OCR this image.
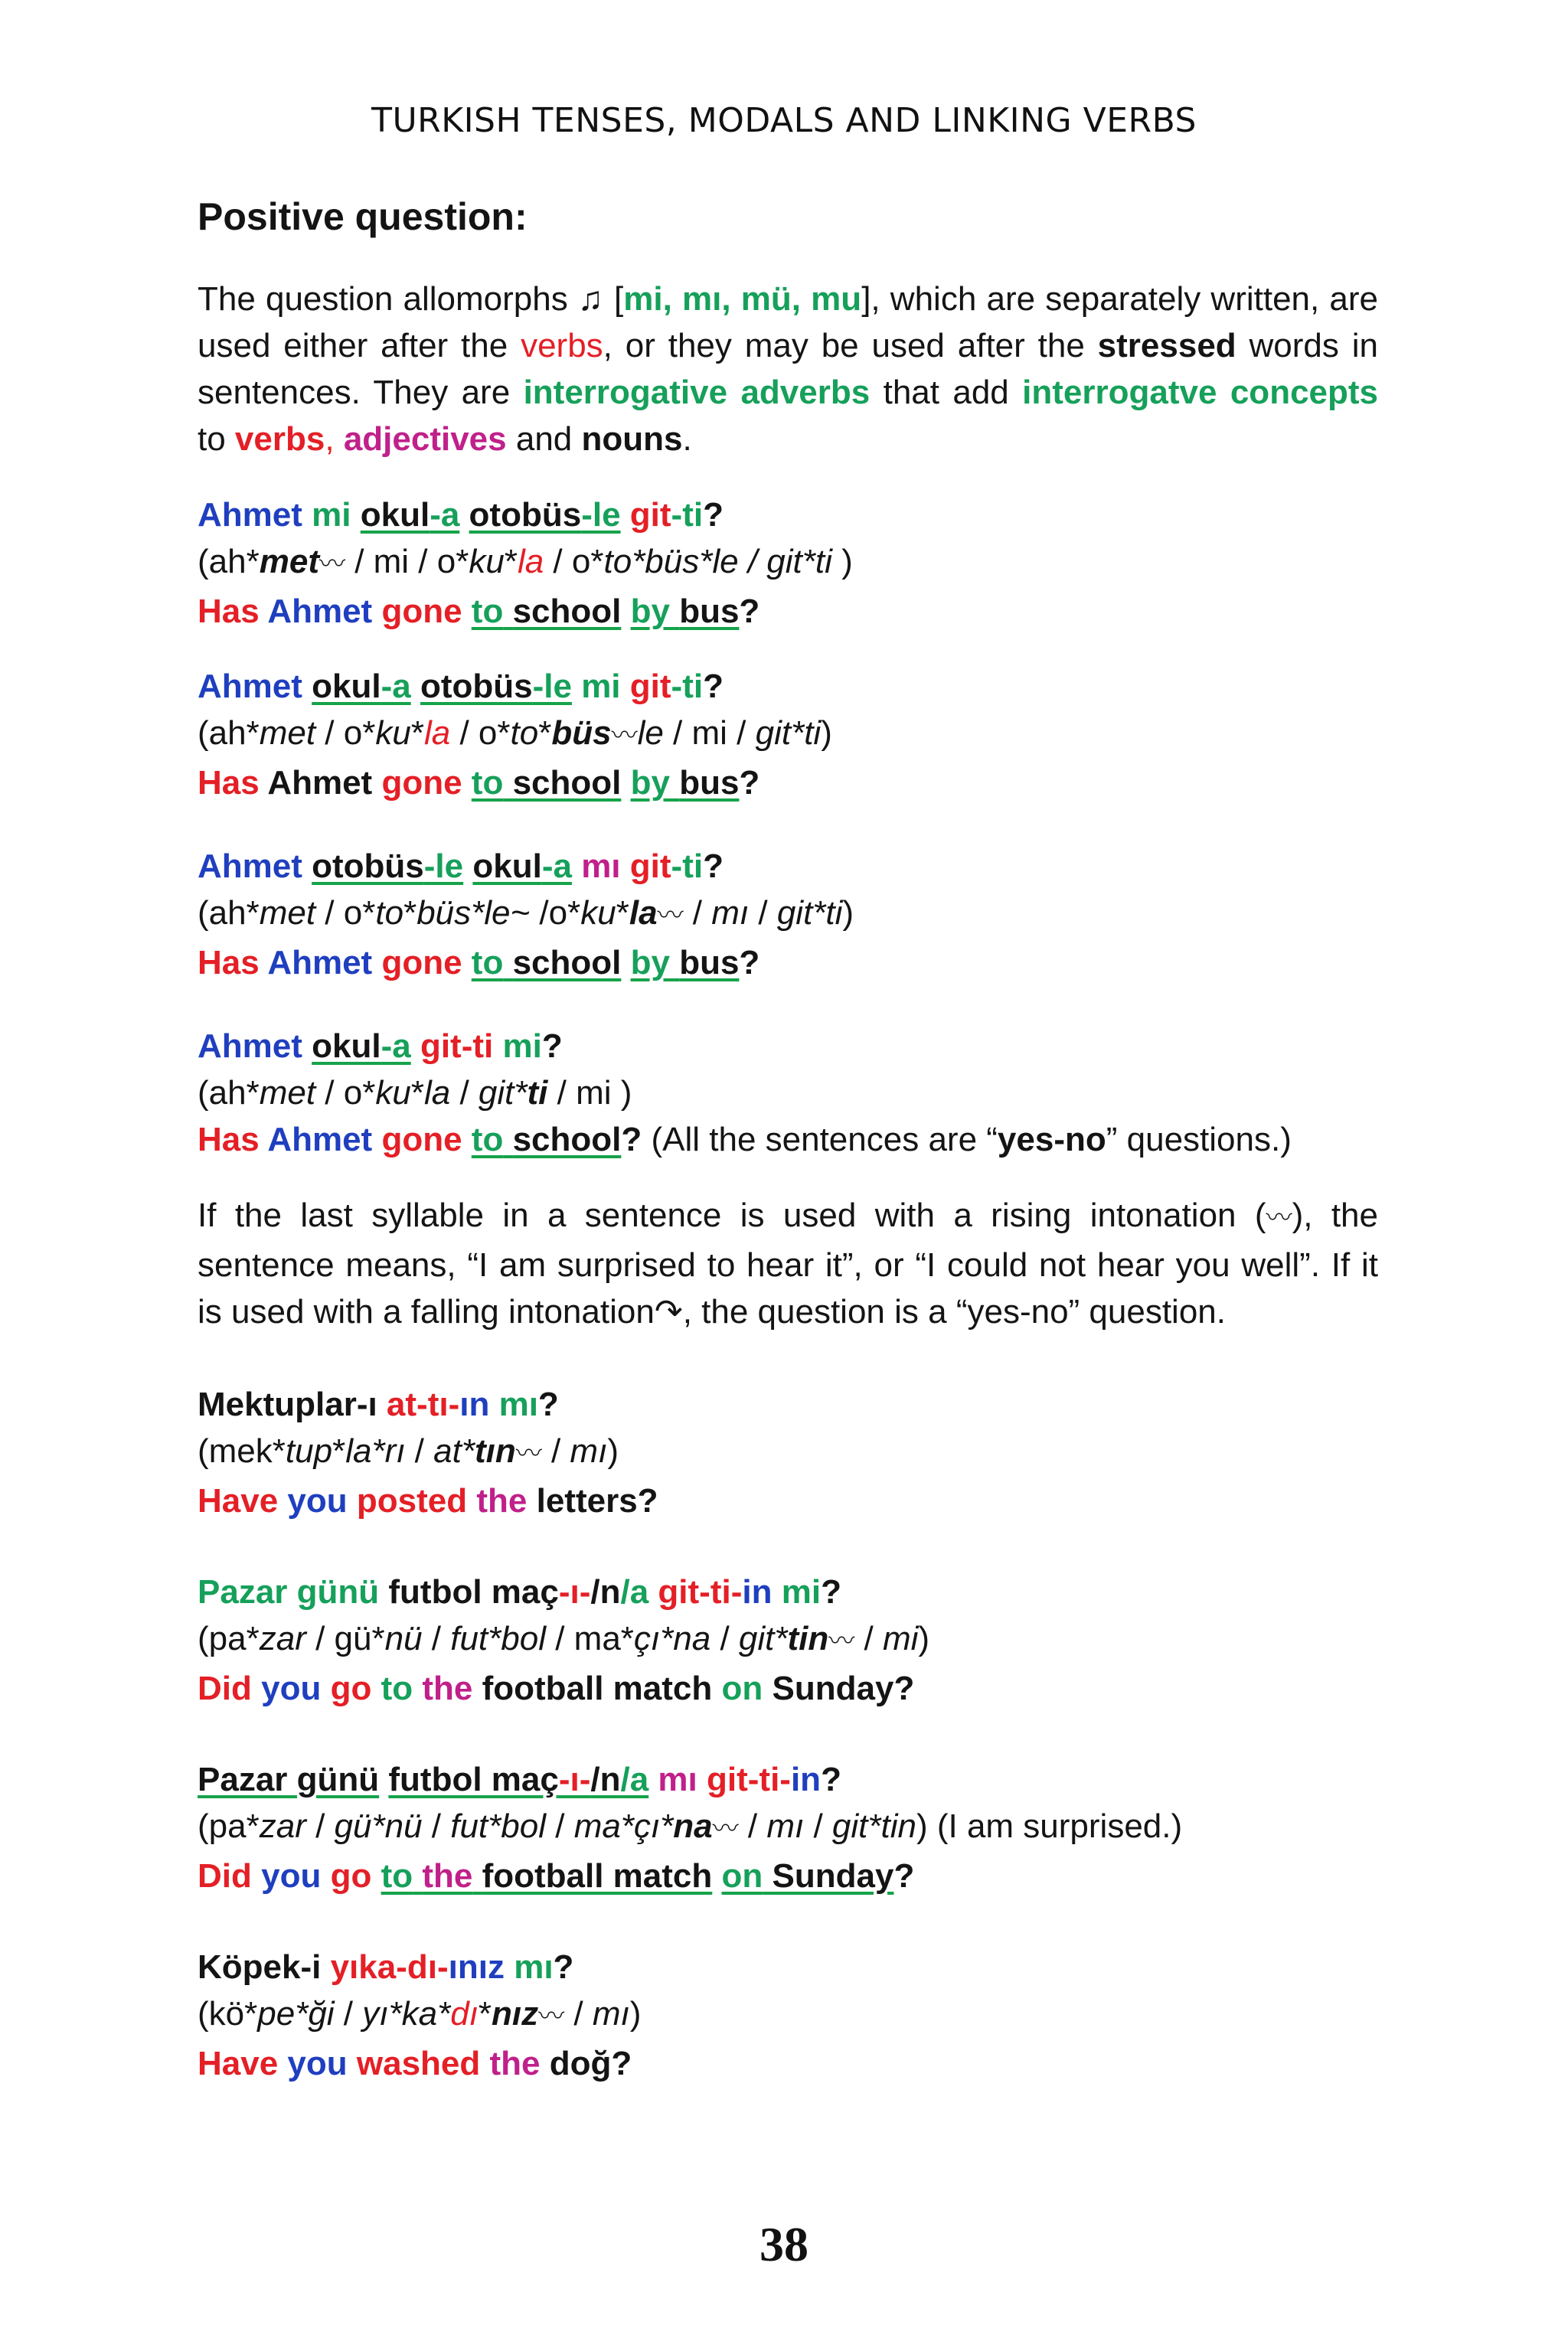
TURKISH TENSES, MODALS AND LINKING VERBS
Positive question:

The question allomorphs ♫ [mi, mı, mü, mu], which are separately written, are used either after the verbs, or they may be used after the stressed words in sentences. They are interrogative adverbs that add interrogatve concepts to verbs, adjectives and nouns.

Ahmet mi okul-a otobüs-le git-ti?
(ah*met〰 / mi / o*ku*la / o*to*büs*le / git*ti )
Has Ahmet gone to school by bus?
Ahmet okul-a otobüs-le mi git-ti?
(ah*met / o*ku*la / o*to*büs〰le / mi / git*ti)
Has Ahmet gone to school by bus?
Ahmet otobüs-le okul-a mı git-ti?
(ah*met / o*to*büs*le~ /o*ku*la〰 / mı / git*ti)
Has Ahmet gone to school by bus?
Ahmet okul-a git-ti mi?
(ah*met / o*ku*la / git*ti / mi )
Has Ahmet gone to school? (All the sentences are “yes-no” questions.)

If the last syllable in a sentence is used with a rising intonation (〰), the sentence means, “I am surprised to hear it”, or “I could not hear you well”. If it is used with a falling intonation↷, the question is a “yes-no” question.

Mektuplar-ı at-tı-ın mı?
(mek*tup*la*rı / at*tın〰 / mı)
Have you posted the letters?
Pazar günü futbol maç-ı-/n/a git-ti-in mi?
(pa*zar / gü*nü / fut*bol / ma*çı*na / git*tin〰 / mi)
Did you go to the football match on Sunday?
Pazar günü futbol maç-ı-/n/a mı git-ti-in?
(pa*zar / gü*nü / fut*bol / ma*çı*na〰 / mı / git*tin) (I am surprised.)
Did you go to the football match on Sunday?
Köpek-i yıka-dı-ınız mı?
(kö*pe*ği / yı*ka*dı*nız〰 / mı)
Have you washed the doğ?
38
